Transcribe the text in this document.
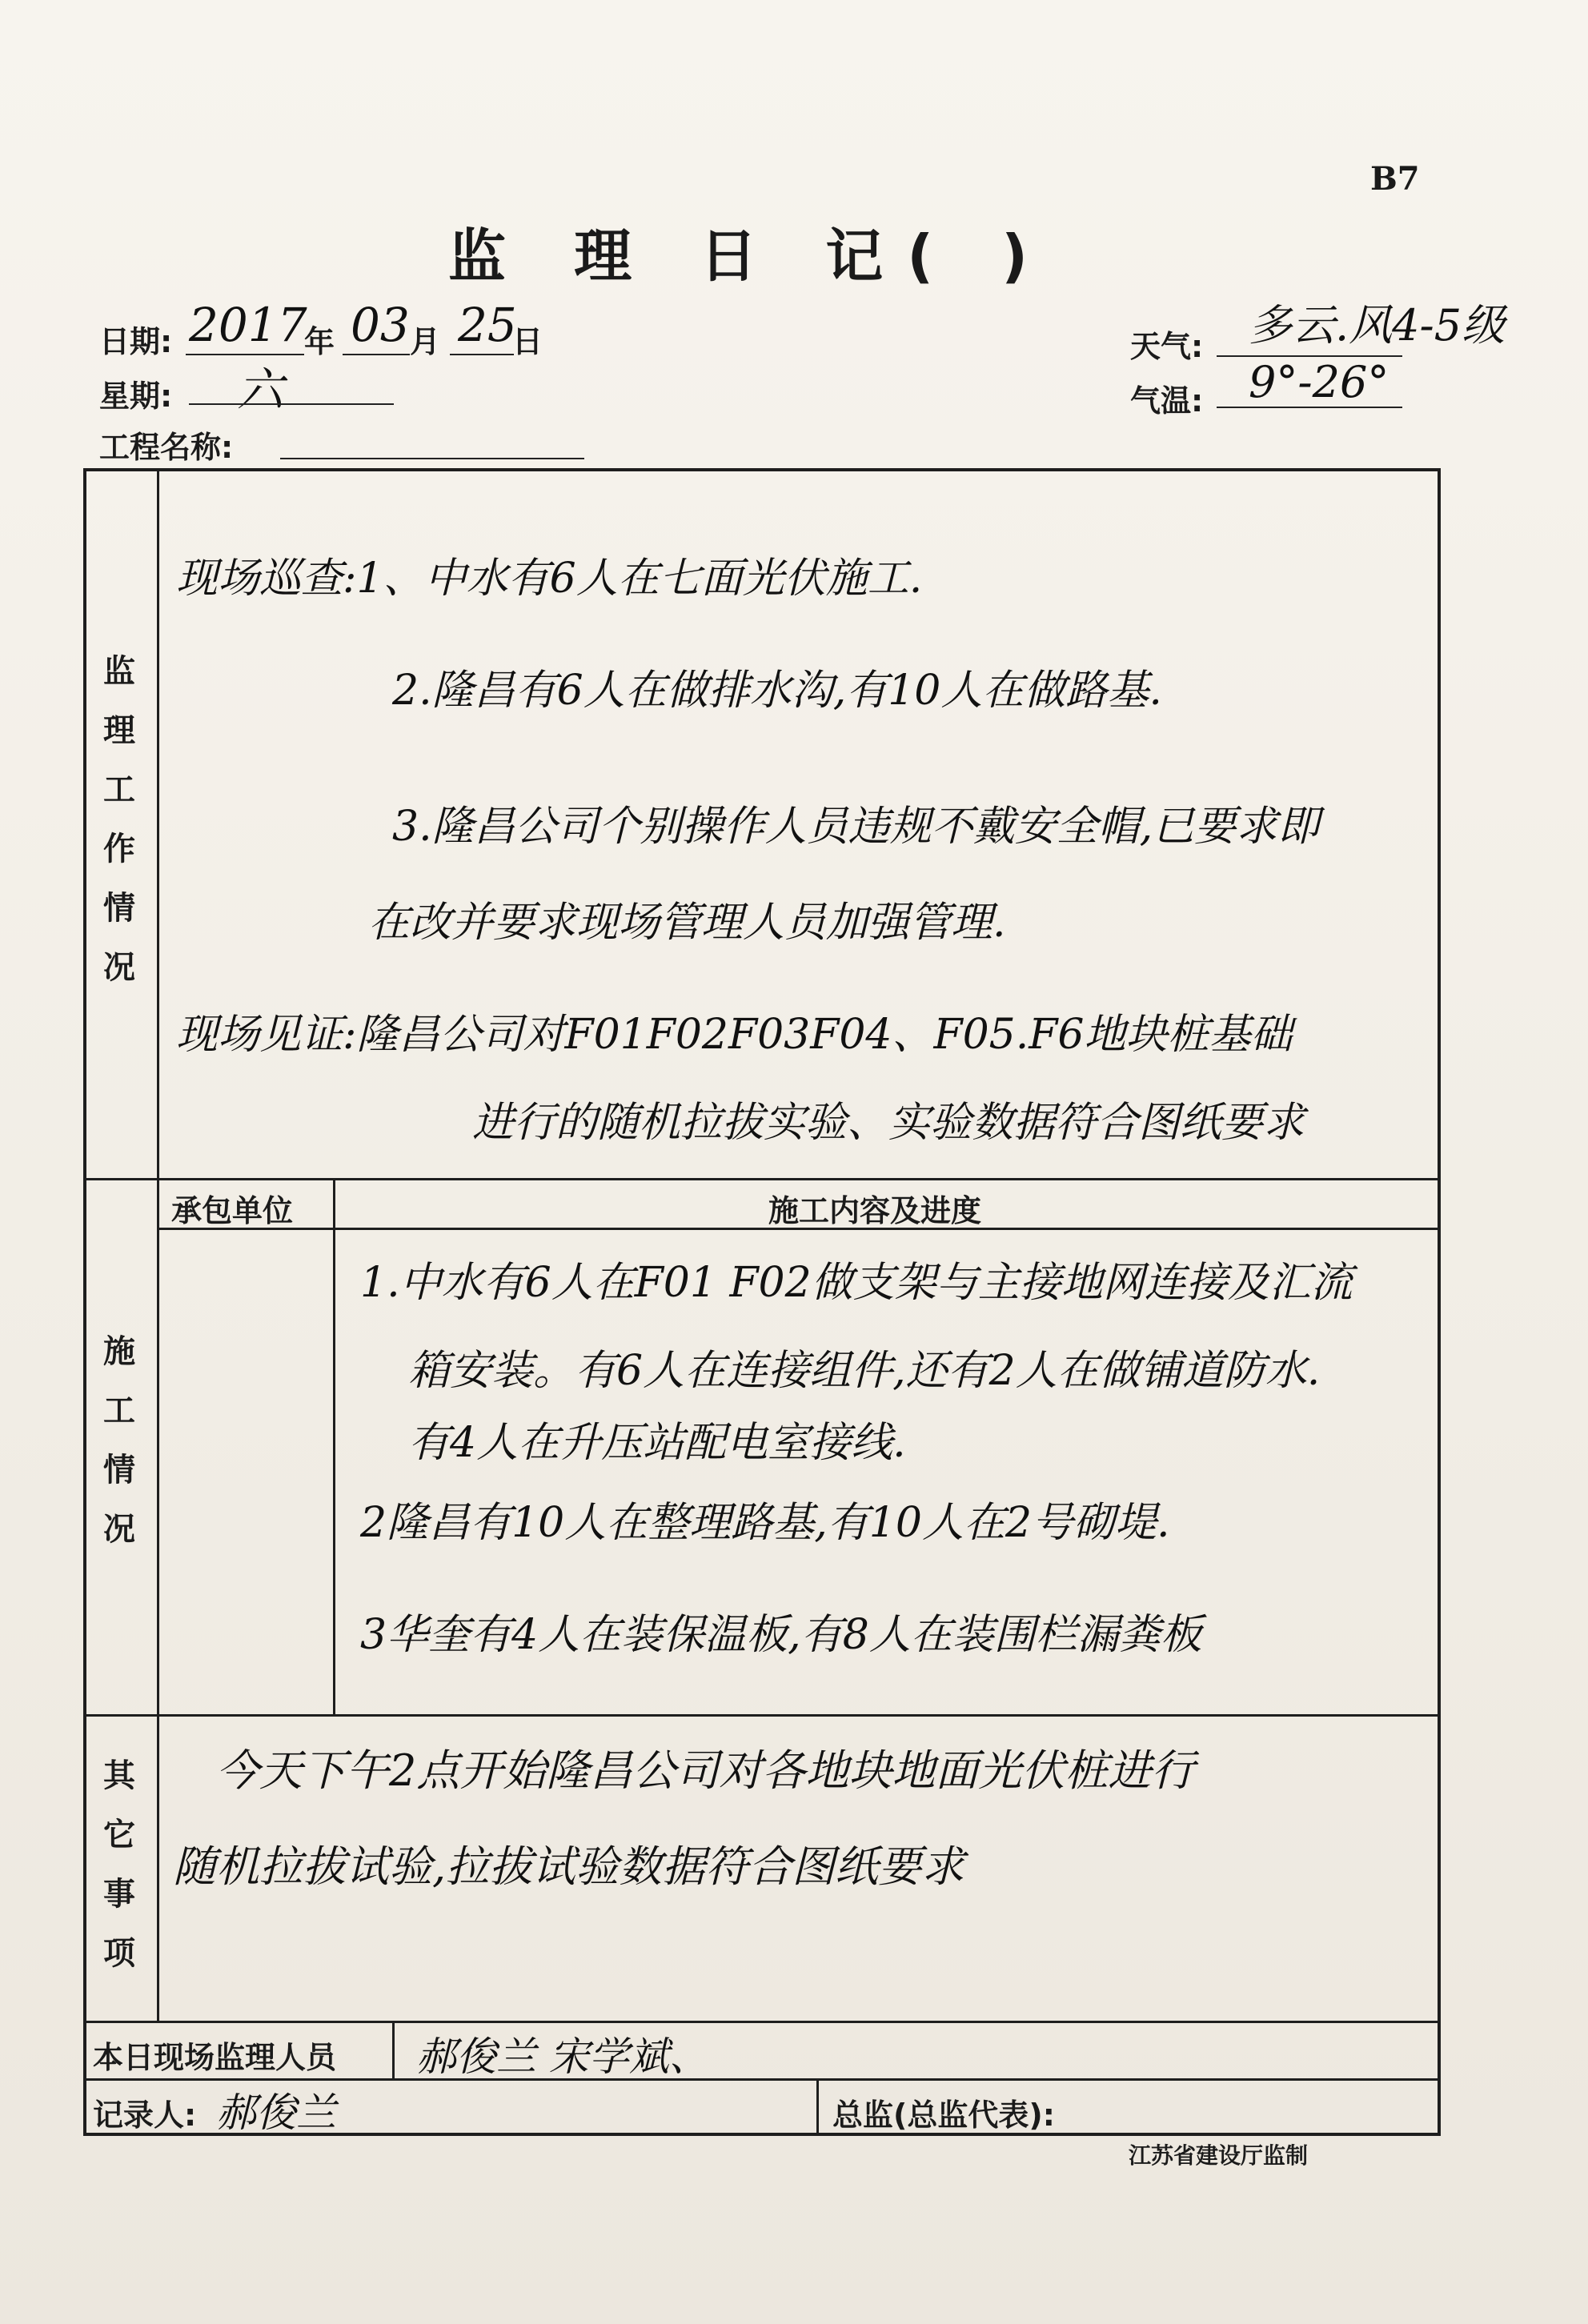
B7
监 理 日 记( )
日期: 2017
年 03 月 25
日	天气: 多云.风4-5级
星期: 六	气温: 9°-26°
工程名称:
监
理
工
作
情
况
现场巡查:1、中水有6人在七面光伏施工.
2.隆昌有6人在做排水沟,有10人在做路基.
3.隆昌公司个别操作人员违规不戴安全帽,已要求即
在改并要求现场管理人员加强管理.
现场见证:隆昌公司对F01F02F03F04、F05.F6地块桩基础
进行的随机拉拔实验、实验数据符合图纸要求
承包单位	施工内容及进度
施
工
情
况
1.中水有6人在F01 F02做支架与主接地网连接及汇流
箱安装。有6人在连接组件,还有2人在做铺道防水.
有4人在升压站配电室接线.
2隆昌有10人在整理路基,有10人在2号砌堤.
3华奎有4人在装保温板,有8人在装围栏漏粪板
其
它
事
项
今天下午2点开始隆昌公司对各地块地面光伏桩进行
随机拉拔试验,拉拔试验数据符合图纸要求
本日现场监理人员 郝俊兰 宋学斌、
记录人: 郝俊兰	总监(总监代表):
江苏省建设厅监制
